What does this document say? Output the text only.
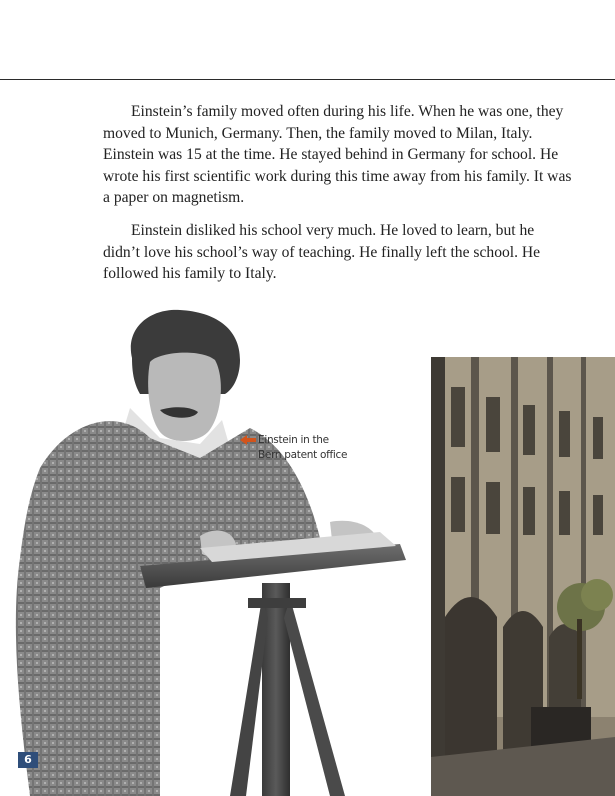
Einstein’s family moved often during his life. When he was one, they moved to Munich, Germany. Then, the family moved to Milan, Italy. Einstein was 15 at the time. He stayed behind in Germany for school. He wrote his first scientific work during this time away from his family. It was a paper on magnetism.

Einstein disliked his school very much. He loved to learn, but he didn’t love his school’s way of teaching. He finally left the school. He followed his family to Italy.

Einstein in the
Bern patent office
6
